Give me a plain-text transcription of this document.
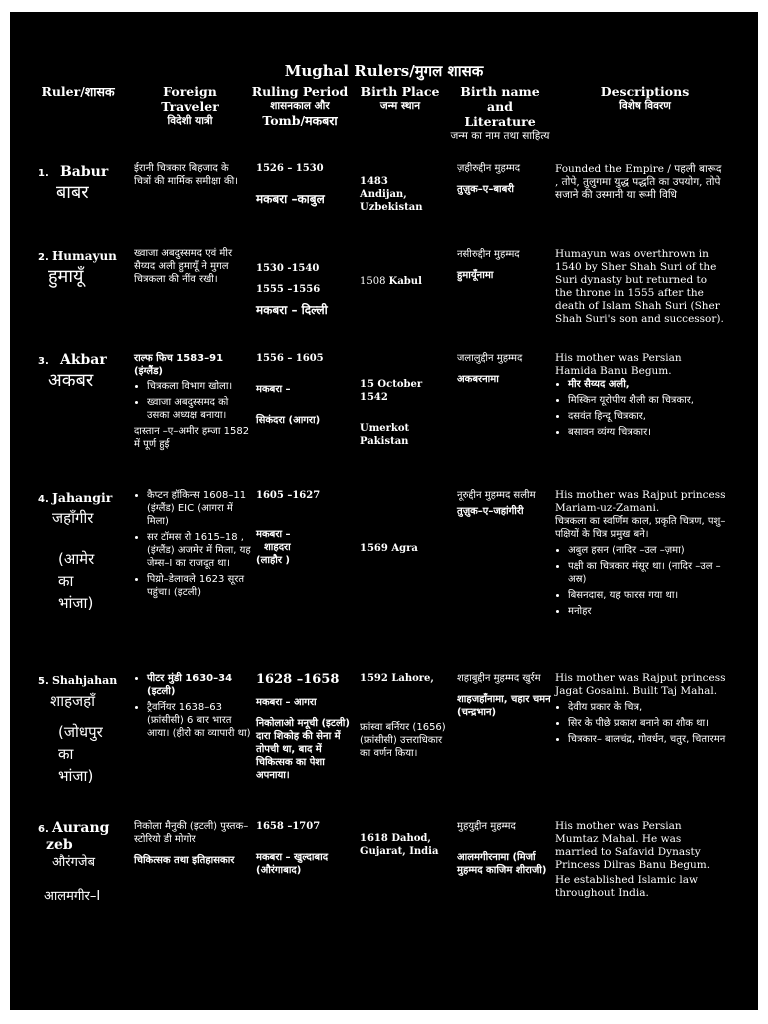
Mughal Rulers/मुगल शासक
Ruler/शासक	Foreign Traveler
विदेशी यात्री
Ruling Period
शासनकाल और
Tomb/मकबरा
Birth Place
जन्म स्थान
Birth name and Literature
जन्म का नाम तथा साहित्य
Descriptions
विशेष विवरण
1. Babur
बाबर
ईरानी चित्रकार बिहजाद के चित्रों की मार्मिक समीक्षा की।
1526 – 1530
मकबरा –काबुल
1483
Andijan, Uzbekistan
ज़हीरुद्दीन मुहम्मद
तुज़ुक–ए–बाबरी
Founded the Empire / पहली बारूद , तोपे, तुलुगमा युद्ध पद्धति का उपयोग, तोपे सजाने की उस्मानी या रूमी विधि
2. Humayun
हुमायूँ
ख्वाजा अबदुस्समद एवं मीर सैय्यद अली हुमायूँ ने मुगल चित्रकला की नींव रखी।
1530 -1540
1555 –1556
मकबरा – दिल्ली
1508 Kabul
नसीरुद्दीन मुहम्मद
हुमायूँनामा
Humayun was overthrown in 1540 by Sher Shah Suri of the Suri dynasty but returned to the throne in 1555 after the death of Islam Shah Suri (Sher Shah Suri's son and successor).
3. Akbar
अकबर
राल्फ फिच 1583–91 (इंग्लैंड)
• चित्रकला विभाग खोला।
• ख्वाजा अबदुस्समद को उसका अध्यक्ष बनाया।
दास्तान –ए–अमीर हम्जा 1582 में पूर्ण हुई
1556 – 1605
मकबरा –
सिकंदरा (आगरा)
15 October 1542
Umerkot Pakistan
जलालुद्दीन मुहम्मद
अकबरनामा
His mother was Persian Hamida Banu Begum.
• मीर सैय्यद अली,
• मिस्किन यूरोपीय शैली का चित्रकार,
• दसवंत हिन्दू चित्रकार,
• बसावन व्यंग्य चित्रकार।
4. Jahangir
जहाँगीर
(आमेर
का
भांजा)
• कैप्टन हॉकिन्स 1608–11 (इंग्लैंड) EIC (आगरा में मिला)
• सर टॉमस रो 1615–18 ,(इंग्लैंड) अजमेर में मिला, यह जेम्स–I का राजदूत था।
• पिय्रो–डेलावले 1623 सूरत पहुंचा। (इटली)
1605 –1627
मकबरा –
शाहदरा
(लाहौर )
1569 Agra
नूरुद्दीन मुहम्मद सलीम
तुज़ुक–ए–जहांगीरी
His mother was Rajput princess Mariam-uz-Zamani.
चित्रकला का स्वर्णिम काल, प्रकृति चित्रण, पशु–पक्षियों के चित्र प्रमुख बने।
• अबुल हसन (नादिर –उल –ज़मा)
• पक्षी का चित्रकार मंसूर था। (नादिर –उल –अस्र)
• बिसनदास, यह फारस गया था।
• मनोहर
5. Shahjahan
शाहजहाँ
(जोधपुर
का
भांजा)
• पीटर मुंडी 1630–34 (इटली)
• ट्रैवर्नियर 1638–63 (फ्रांसीसी) 6 बार भारत आया। (हीरो का व्यापारी था)
1628 –1658
मकबरा – आगरा
निकोलाओ मनूची (इटली) दारा शिकोह की सेना में तोपची था, बाद में चिकित्सक का पेशा अपनाया।
1592 Lahore,
फ्रांस्वा बर्नियर (1656) (फ्रांसीसी) उत्तराधिकार का वर्णन किया।
शहाबुद्दीन मुहम्मद खुर्रम
शाहजहाँनामा, चहार चमन (चन्द्रभान)
His mother was Rajput princess Jagat Gosaini. Built Taj Mahal.
• देवीय प्रकार के चित्र,
• सिर के पीछे प्रकाश बनाने का शौक था।
• चित्रकार– बालचंद्र, गोवर्धन, चतुर, चितारमन
6. Aurang
zeb
औरंगजेब
आलमगीर–I
निकोला मैनुकी (इटली) पुस्तक– स्टोरियो डी मोगोर
चिकित्सक तथा इतिहासकार
1658 –1707
मकबरा – खुल्दाबाद (औरंगाबाद)
1618 Dahod, Gujarat, India
मुहयुद्दीन मुहम्मद
आलमगीरनामा (मिर्जा मुहम्मद काजिम शीराजी)
His mother was Persian Mumtaz Mahal. He was married to Safavid Dynasty Princess Dilras Banu Begum.
He established Islamic law throughout India.
